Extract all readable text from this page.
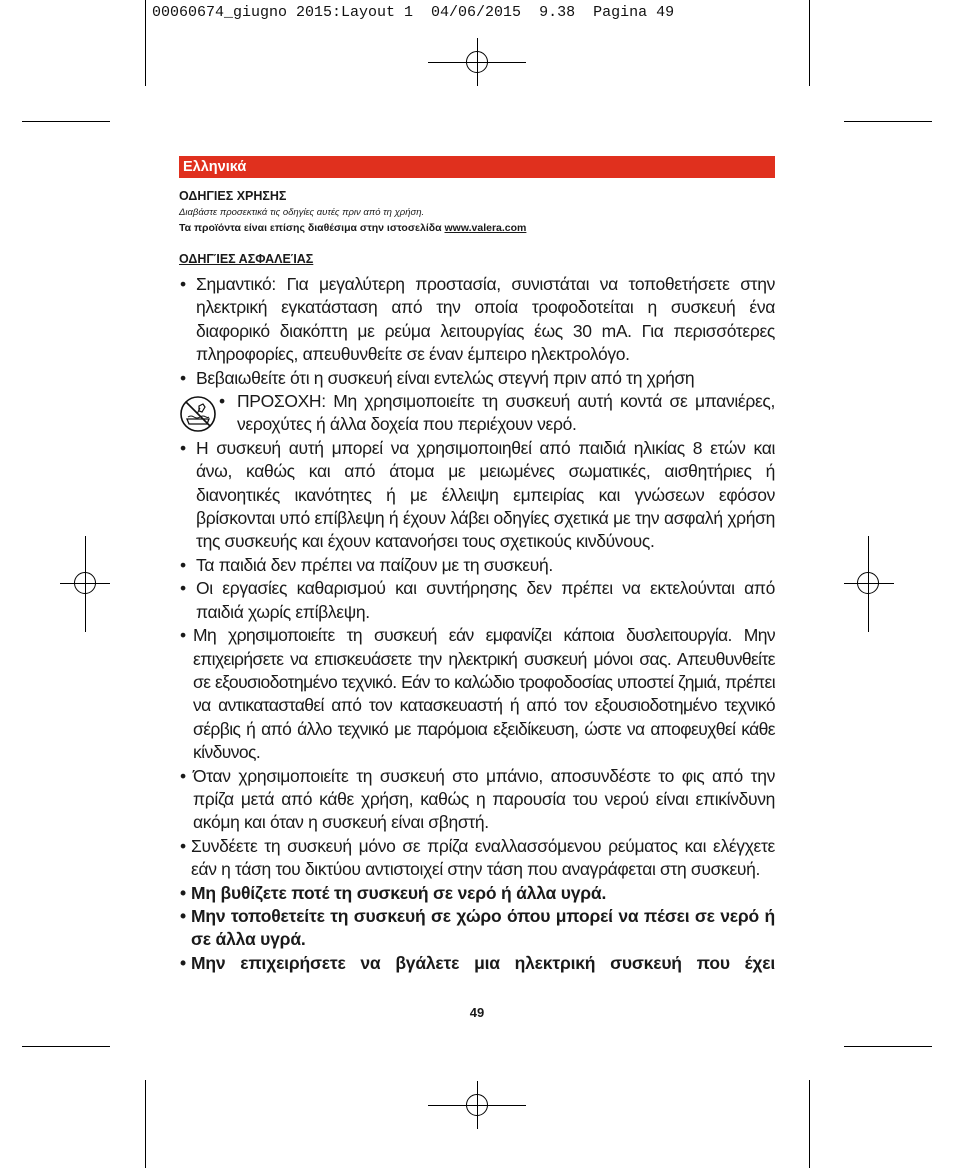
00060674_giugno 2015:Layout 1  04/06/2015  9.38  Pagina 49
Ελληνικά
ΟΔΗΓΙΕΣ ΧΡΗΣΗΣ
Διαβάστε προσεκτικά τις οδηγίες αυτές πριν από τη χρήση.
Τα προϊόντα είναι επίσης διαθέσιμα στην ιστοσελίδα www.valera.com
ΟΔΗΓΊΕΣ ΑΣΦΑΛΕΊΑΣ
• Σημαντικό: Για μεγαλύτερη προστασία, συνιστάται να τοποθετήσετε στην ηλεκτρική εγκατάσταση από την οποία τροφοδοτείται η συσκευή ένα διαφορικό διακόπτη με ρεύμα λειτουργίας έως 30 mA. Για περισσότερες πληροφορίες, απευθυνθείτε σε έναν έμπειρο ηλεκτρολόγο.
• Βεβαιωθείτε ότι η συσκευή είναι εντελώς στεγνή πριν από τη χρήση
• ΠΡΟΣΟΧΗ: Μη χρησιμοποιείτε τη συσκευή αυτή κοντά σε μπανιέρες, νεροχύτες ή άλλα δοχεία που περιέχουν νερό.
• Η συσκευή αυτή μπορεί να χρησιμοποιηθεί από παιδιά ηλικίας 8 ετών και άνω, καθώς και από άτομα με μειωμένες σωματικές, αισθητήριες ή διανοητικές ικανότητες ή με έλλειψη εμπειρίας και γνώσεων εφόσον βρίσκονται υπό επίβλεψη ή έχουν λάβει οδηγίες σχετικά με την ασφαλή χρήση της συσκευής και έχουν κατανοήσει τους σχετικούς κινδύνους.
• Τα παιδιά δεν πρέπει να παίζουν με τη συσκευή.
• Οι εργασίες καθαρισμού και συντήρησης δεν πρέπει να εκτελούνται από παιδιά χωρίς επίβλεψη.
• Μη χρησιμοποιείτε τη συσκευή εάν εμφανίζει κάποια δυσλειτουργία. Μην επιχειρήσετε να επισκευάσετε την ηλεκτρική συσκευή μόνοι σας. Απευθυνθείτε σε εξουσιοδοτημένο τεχνικό. Εάν το καλώδιο τροφοδοσίας υποστεί ζημιά, πρέπει να αντικατασταθεί από τον κατασκευαστή ή από τον εξουσιοδοτημένο τεχνικό σέρβις ή από άλλο τεχνικό με παρόμοια εξειδίκευση, ώστε να αποφευχθεί κάθε κίνδυνος.
• Όταν χρησιμοποιείτε τη συσκευή στο μπάνιο, αποσυνδέστε το φις από την πρίζα μετά από κάθε χρήση, καθώς η παρουσία του νερού είναι επικίνδυνη ακόμη και όταν η συσκευή είναι σβηστή.
• Συνδέετε τη συσκευή μόνο σε πρίζα εναλλασσόμενου ρεύματος και ελέγχετε εάν η τάση του δικτύου αντιστοιχεί στην τάση που αναγράφεται στη συσκευή.
• Μη βυθίζετε ποτέ τη συσκευή σε νερό ή άλλα υγρά.
• Μην τοποθετείτε τη συσκευή σε χώρο όπου μπορεί να πέσει σε νερό ή σε άλλα υγρά.
• Μην επιχειρήσετε να βγάλετε μια ηλεκτρική συσκευή που έχει
49
